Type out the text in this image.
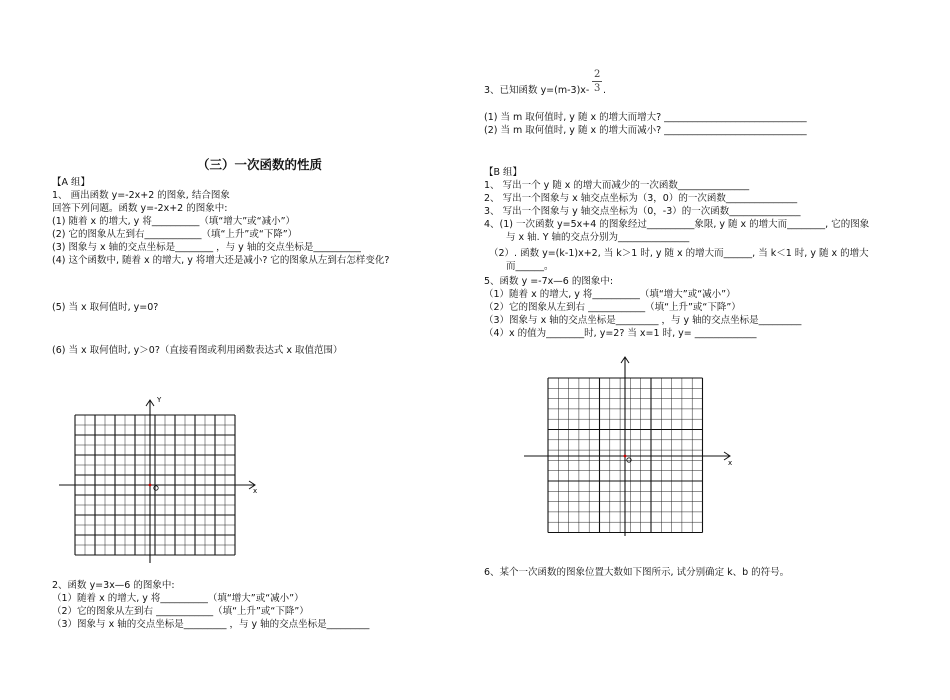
2
3
3、已知函数 y=(m-3)x- .
(1) 当 m 取何值时, y 随 x 的增大而增大? ______________________________
(2) 当 m 取何值时, y 随 x 的增大而减小? ______________________________
（三）一次函数的性质
【A 组】
1、 画出函数 y=-2x+2 的图象, 结合图象
回答下列问题。函数 y=-2x+2 的图象中:
(1) 随着 x 的增大, y 将__________（填“增大”或“减小”）
(2) 它的图象从左到右____________（填“上升”或“下降”）
(3) 图象与 x 轴的交点坐标是________ ，与 y 轴的交点坐标是__________
(4) 这个函数中, 随着 x 的增大, y 将增大还是减小? 它的图象从左到右怎样变化?
(5) 当 x 取何值时, y=0?
(6) 当 x 取何值时, y＞0?（直接看图或利用函数表达式 x 取值范围）
Y
x
2、函数 y=3x—6 的图象中:
（1）随着 x 的增大, y 将__________（填“增大”或“减小”）
（2）它的图象从左到右 ____________（填“上升”或“下降”）
（3）图象与 x 轴的交点坐标是_________ ，与 y 轴的交点坐标是_________
【B 组】
1、 写出一个 y 随 x 的增大而减少的一次函数_______________
2、 写出一个图象与 x 轴交点坐标为（3，0）的一次函数_______________
3、 写出一个图象与 y 轴交点坐标为（0，-3）的一次函数_______________
4、(1) 一次函数 y=5x+4 的图象经过__________象限, y 随 x 的增大而________, 它的图象
与 x 轴. Y 轴的交点分别为_______________
（2）. 函数 y=(k-1)x+2, 当 k＞1 时, y 随 x 的增大而______, 当 k＜1 时, y 随 x 的增大
而______。
5、函数 y =-7x—6 的图象中:
（1）随着 x 的增大, y 将__________（填“增大”或“减小”）
（2）它的图象从左到右 ____________（填“上升”或“下降”）
（3）图象与 x 轴的交点坐标是_________ ，与 y 轴的交点坐标是_________
（4）x 的值为________时, y=2? 当 x=1 时, y= _____________
x
6、某个一次函数的图象位置大数如下图所示, 试分别确定 k、b 的符号。
